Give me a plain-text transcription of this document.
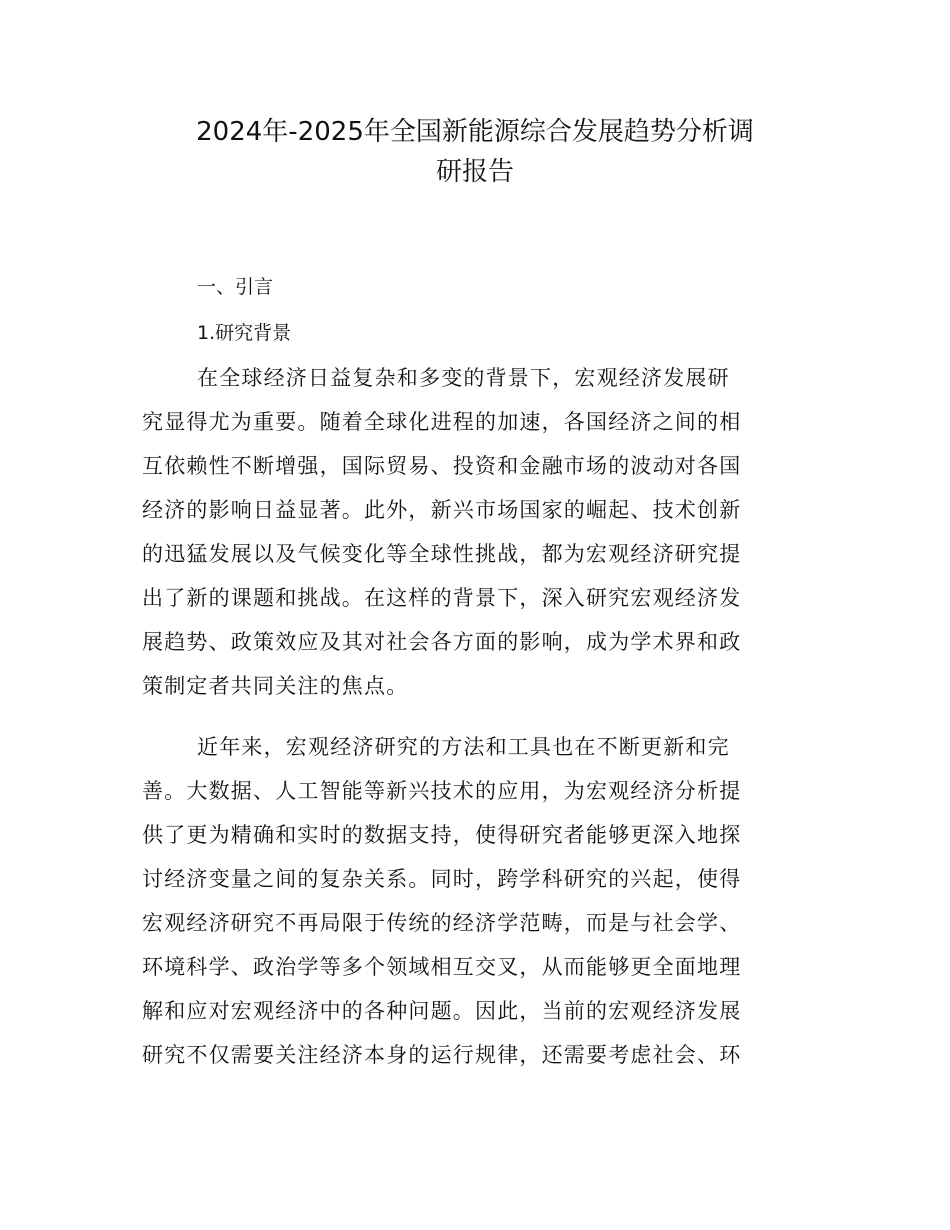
2024年-2025年全国新能源综合发展趋势分析调
研报告
一、引言
1.研究背景
在全球经济日益复杂和多变的背景下，宏观经济发展研
究显得尤为重要。随着全球化进程的加速，各国经济之间的相
互依赖性不断增强，国际贸易、投资和金融市场的波动对各国
经济的影响日益显著。此外，新兴市场国家的崛起、技术创新
的迅猛发展以及气候变化等全球性挑战，都为宏观经济研究提
出了新的课题和挑战。在这样的背景下，深入研究宏观经济发
展趋势、政策效应及其对社会各方面的影响，成为学术界和政
策制定者共同关注的焦点。
近年来，宏观经济研究的方法和工具也在不断更新和完
善。大数据、人工智能等新兴技术的应用，为宏观经济分析提
供了更为精确和实时的数据支持，使得研究者能够更深入地探
讨经济变量之间的复杂关系。同时，跨学科研究的兴起，使得
宏观经济研究不再局限于传统的经济学范畴，而是与社会学、
环境科学、政治学等多个领域相互交叉，从而能够更全面地理
解和应对宏观经济中的各种问题。因此，当前的宏观经济发展
研究不仅需要关注经济本身的运行规律，还需要考虑社会、环
